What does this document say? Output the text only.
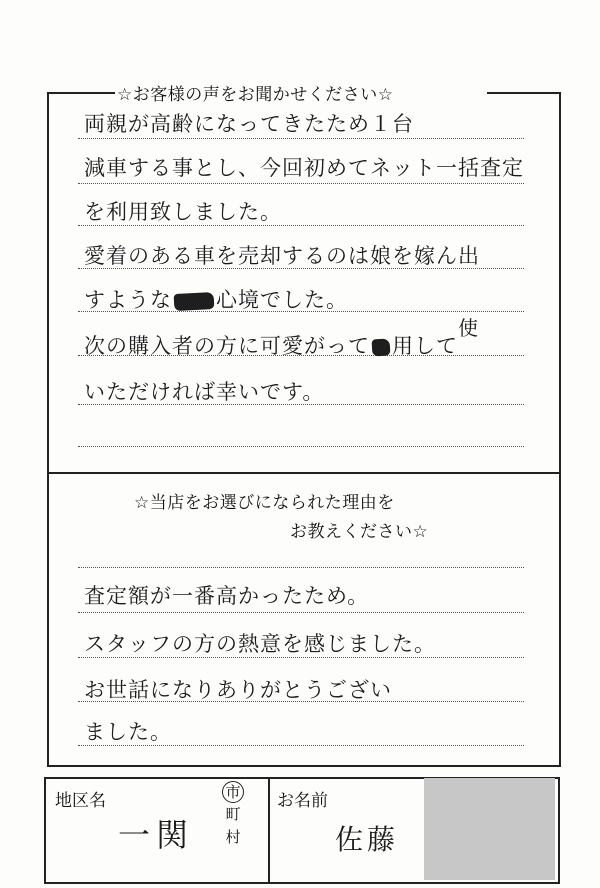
☆お客様の声をお聞かせください☆
両親が高齢になってきたため１台
減車する事とし、今回初めてネット一括査定
を利用致しました。
愛着のある車を売却するのは娘を嫁ん出
すような 心境でした。
次の購入者の方に可愛がって 用して
使
いただければ幸いです。
☆当店をお選びになられた理由を
お教えください☆
査定額が一番高かったため。
スタッフの方の熱意を感じました。
お世話になりありがとうござい
ました。
地区名
一関
市
町
村
お名前
佐藤
